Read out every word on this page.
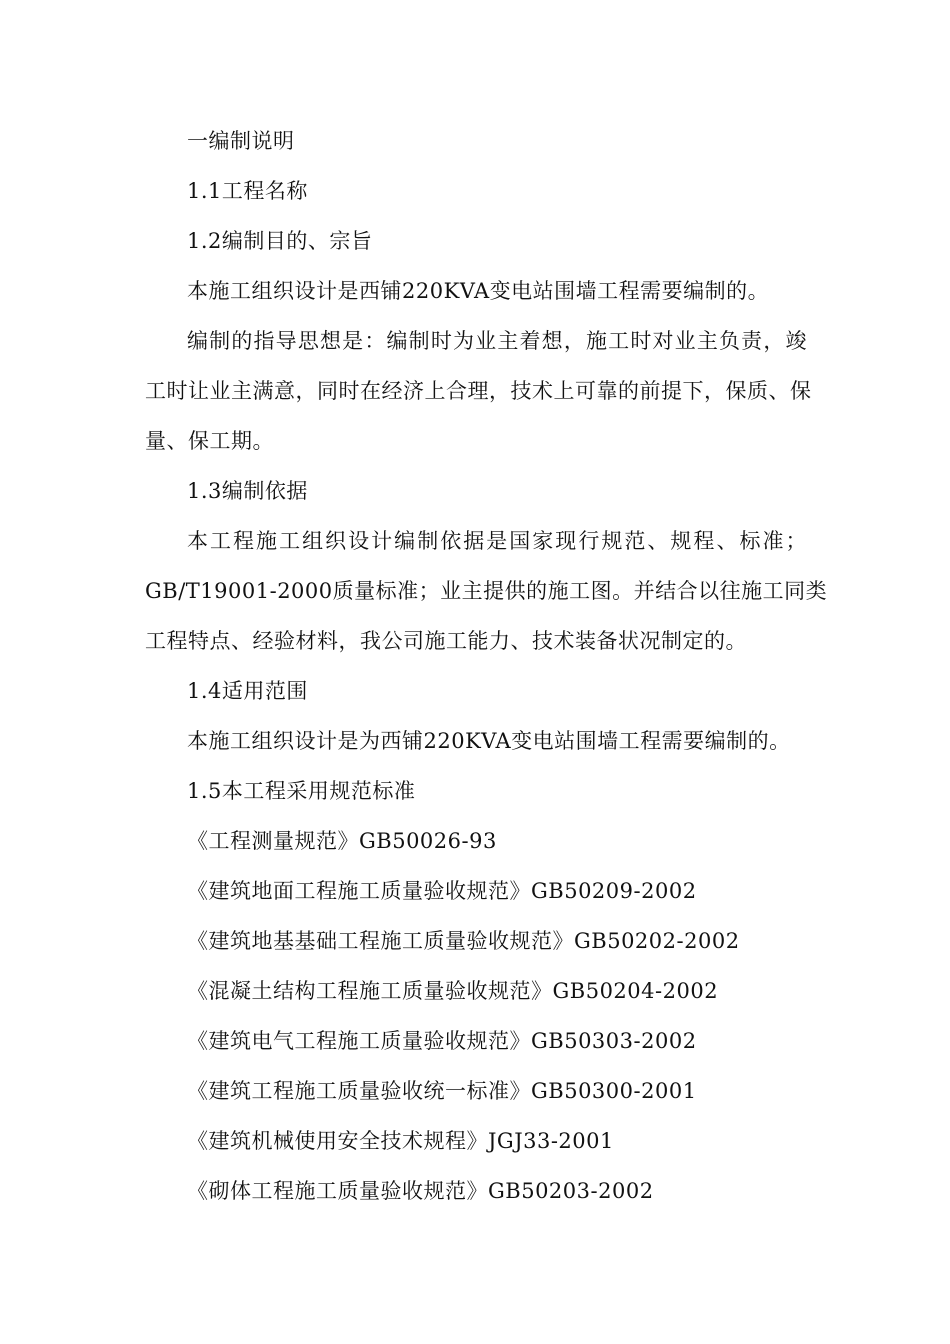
一编制说明
1.1工程名称
1.2编制目的、宗旨
本施工组织设计是西铺220KVA变电站围墙工程需要编制的。
编制的指导思想是：编制时为业主着想，施工时对业主负责，竣
工时让业主满意，同时在经济上合理，技术上可靠的前提下，保质、保
量、保工期。
1.3编制依据
本工程施工组织设计编制依据是国家现行规范、规程、标准；
GB/T19001-2000质量标准；业主提供的施工图。并结合以往施工同类
工程特点、经验材料，我公司施工能力、技术装备状况制定的。
1.4适用范围
本施工组织设计是为西铺220KVA变电站围墙工程需要编制的。
1.5本工程采用规范标准
《工程测量规范》GB50026-93
《建筑地面工程施工质量验收规范》GB50209-2002
《建筑地基基础工程施工质量验收规范》GB50202-2002
《混凝土结构工程施工质量验收规范》GB50204-2002
《建筑电气工程施工质量验收规范》GB50303-2002
《建筑工程施工质量验收统一标准》GB50300-2001
《建筑机械使用安全技术规程》JGJ33-2001
《砌体工程施工质量验收规范》GB50203-2002
